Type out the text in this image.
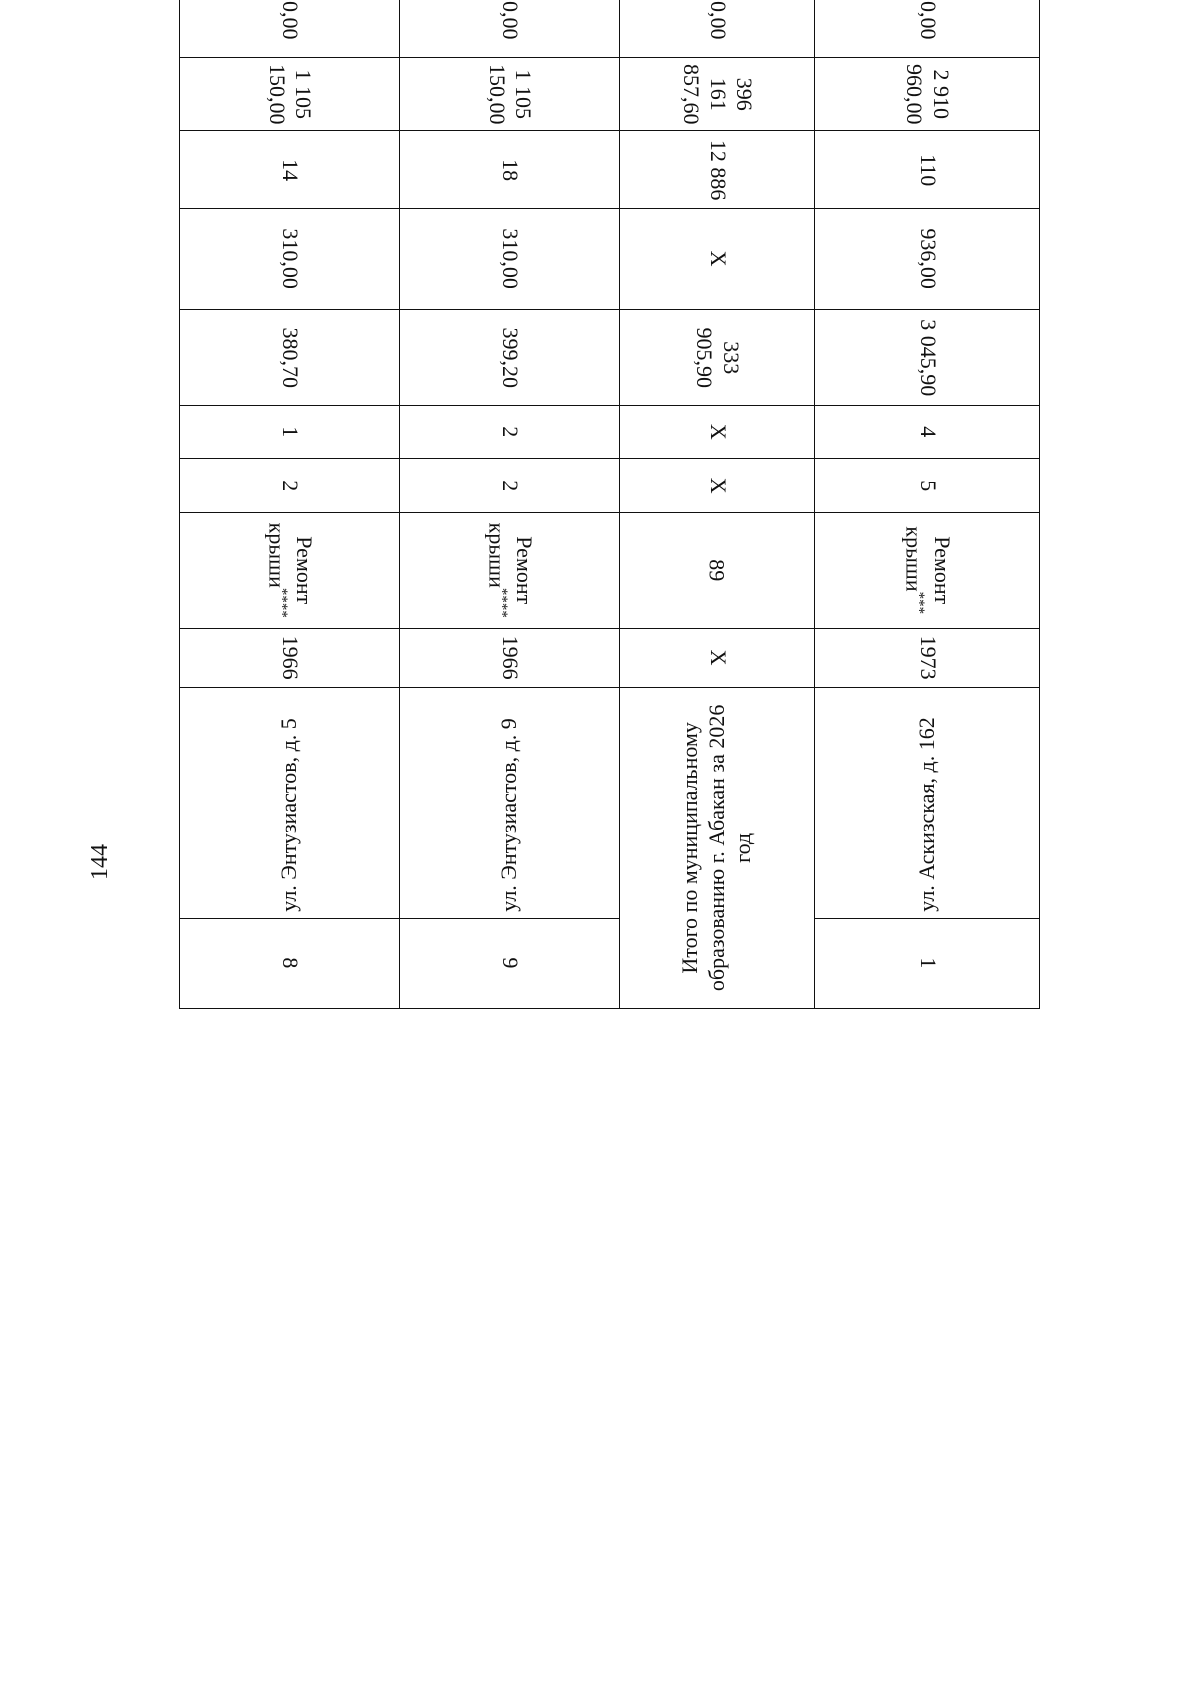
144
8	ул. Энтузиастов, д. 5	1966	Ремонт крыши****	2	1	380,70	310,00	14	1 105 150,00	0,00					
9	ул. Энтузиастов, д. 9	1966	Ремонт крыши****	2	2	399,20	310,00	18	1 105 150,00	0,00					
Итого по муниципальному образованию г. Абакан за 2026 год		Х	89	Х	Х	333 905,90	Х	12 886	396 161 857,60	0,00					
1	ул. Аскизская, д. 162	1973	Ремонт крыши***	5	4	3 045,90	936,00	110	2 910 960,00	0,00					
